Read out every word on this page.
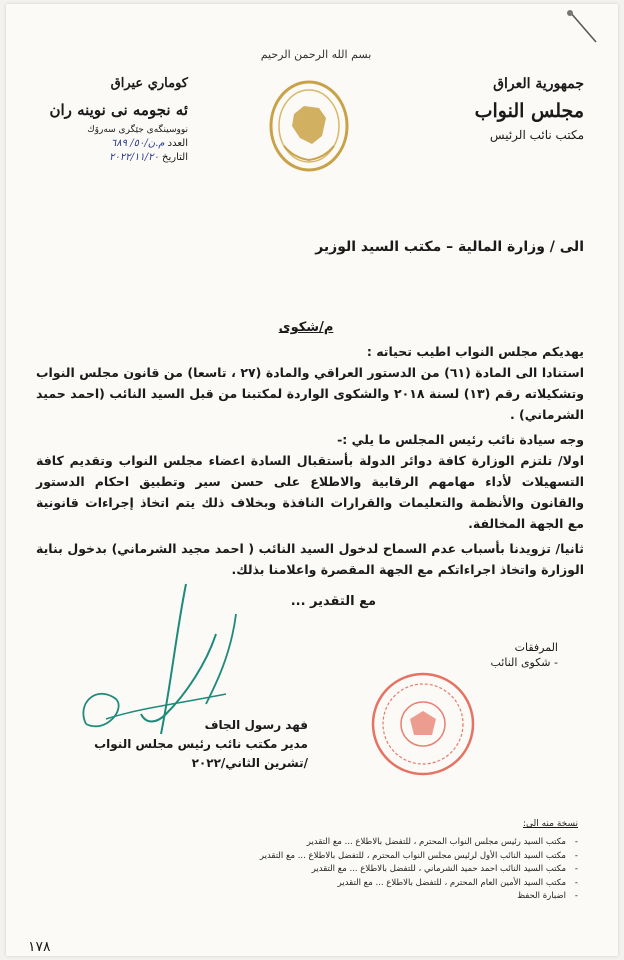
بسم الله الرحمن الرحيم
جمهورية العراق
مجلس النواب
مكتب نائب الرئيس
كوماري عيراق
ئه نجومه نى نوينه ران
نووسينگەی جێگری سەرۆك
العدد م.ن/٥٠/ ٦٨٩
التاريخ ٢٠٢٢/١١/٢٠
الى / وزارة المالية – مكتب السيد الوزير
م/شكوى

يهديكم مجلس النواب اطيب تحياته :

استنادا الى المادة (٦١) من الدستور العراقي والمادة (٢٧ ، تاسعا) من قانون مجلس النواب وتشكيلاته رقم (١٣) لسنة ٢٠١٨ والشكوى الواردة لمكتبنا من قبل السيد النائب (احمد حميد الشرماني) .

وجه سيادة نائب رئيس المجلس ما يلي :-

اولا/ تلتزم الوزارة كافة دوائر الدولة بأستقبال السادة اعضاء مجلس النواب وتقديم كافة التسهيلات لأداء مهامهم الرقابية والاطلاع على حسن سير وتطبيق احكام الدستور والقانون والأنظمة والتعليمات والقرارات النافذة وبخلاف ذلك يتم اتخاذ إجراءات قانونية مع الجهة المخالفة.

ثانيا/ تزويدنا بأسباب عدم السماح لدخول السيد النائب ( احمد مجيد الشرماني) بدخول بناية الوزارة واتخاذ اجراءاتكم مع الجهة المقصرة واعلامنا بذلك.

مع التقدير ...
المرفقات
- شكوى النائب
فهد رسول الجاف
مدير مكتب نائب رئيس مجلس النواب
/تشرين الثاني/٢٠٢٢
نسخة منه الى:
- مكتب السيد رئيس مجلس النواب المحترم ، للتفضل بالاطلاع ... مع التقدير
- مكتب السيد النائب الأول لرئيس مجلس النواب المحترم ، للتفضل بالاطلاع ... مع التقدير
- مكتب السيد النائب احمد حميد الشرماني ، للتفضل بالاطلاع ... مع التقدير
- مكتب السيد الأمين العام المحترم ، للتفضل بالاطلاع ... مع التقدير
- اضبارة الحفظ
١٧٨
